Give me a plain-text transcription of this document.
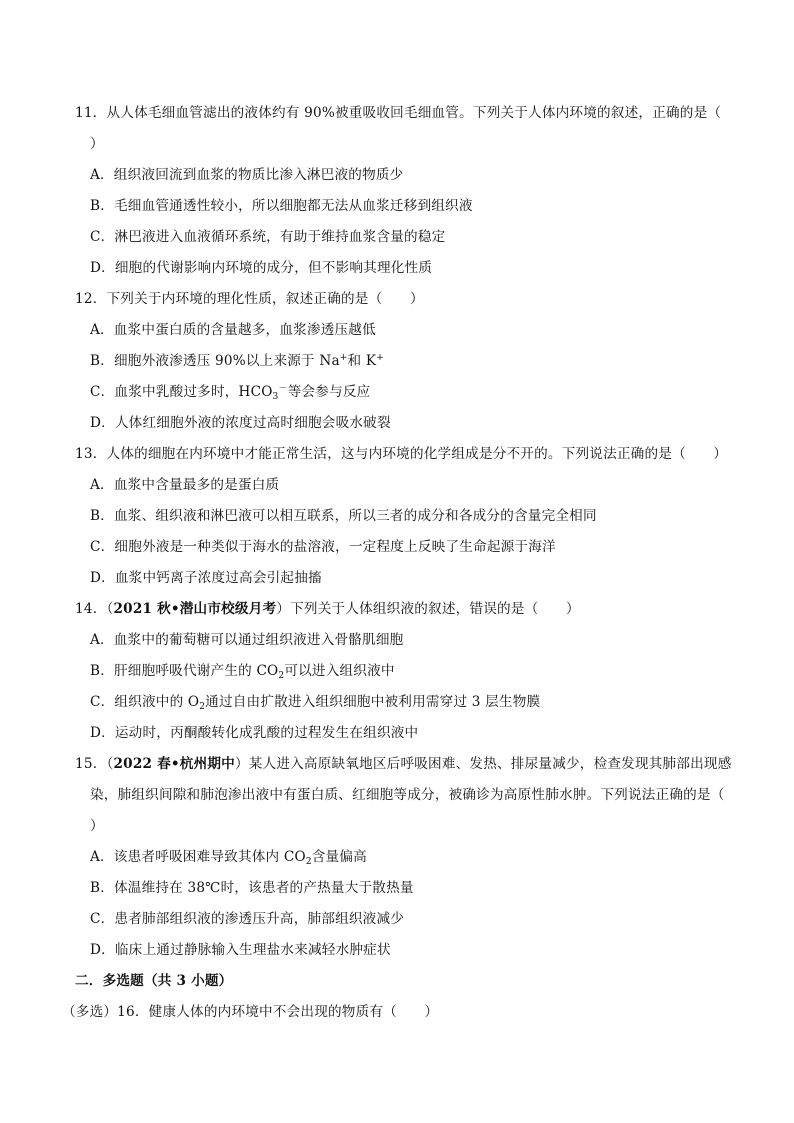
11．从人体毛细血管滤出的液体约有 90%被重吸收回毛细血管。下列关于人体内环境的叙述，正确的是（
）
A．组织液回流到血浆的物质比渗入淋巴液的物质少
B．毛细血管通透性较小，所以细胞都无法从血浆迁移到组织液
C．淋巴液进入血液循环系统，有助于维持血浆含量的稳定
D．细胞的代谢影响内环境的成分，但不影响其理化性质
12．下列关于内环境的理化性质，叙述正确的是（　　）
A．血浆中蛋白质的含量越多，血浆渗透压越低
B．细胞外液渗透压 90%以上来源于 Na+和 K+
C．血浆中乳酸过多时，$HCO_3^-$等会参与反应
D．人体红细胞外液的浓度过高时细胞会吸水破裂
13．人体的细胞在内环境中才能正常生活，这与内环境的化学组成是分不开的。下列说法正确的是（　　）
A．血浆中含量最多的是蛋白质
B．血浆、组织液和淋巴液可以相互联系，所以三者的成分和各成分的含量完全相同
C．细胞外液是一种类似于海水的盐溶液，一定程度上反映了生命起源于海洋
D．血浆中钙离子浓度过高会引起抽搐
14．（2021 秋•潜山市校级月考）下列关于人体组织液的叙述，错误的是（　　）
A．血浆中的葡萄糖可以通过组织液进入骨骼肌细胞
B．肝细胞呼吸代谢产生的 $CO_2$可以进入组织液中
C．组织液中的 $O_2$通过自由扩散进入组织细胞中被利用需穿过 3 层生物膜
D．运动时，丙酮酸转化成乳酸的过程发生在组织液中
15．（2022 春•杭州期中）某人进入高原缺氧地区后呼吸困难、发热、排尿量减少，检查发现其肺部出现感
染，肺组织间隙和肺泡渗出液中有蛋白质、红细胞等成分，被确诊为高原性肺水肿。下列说法正确的是（
）
A．该患者呼吸困难导致其体内 $CO_2$含量偏高
B．体温维持在 38℃时，该患者的产热量大于散热量
C．患者肺部组织液的渗透压升高，肺部组织液减少
D．临床上通过静脉输入生理盐水来减轻水肿症状
二．多选题（共 3 小题）
（多选）16．健康人体的内环境中不会出现的物质有（　　）
